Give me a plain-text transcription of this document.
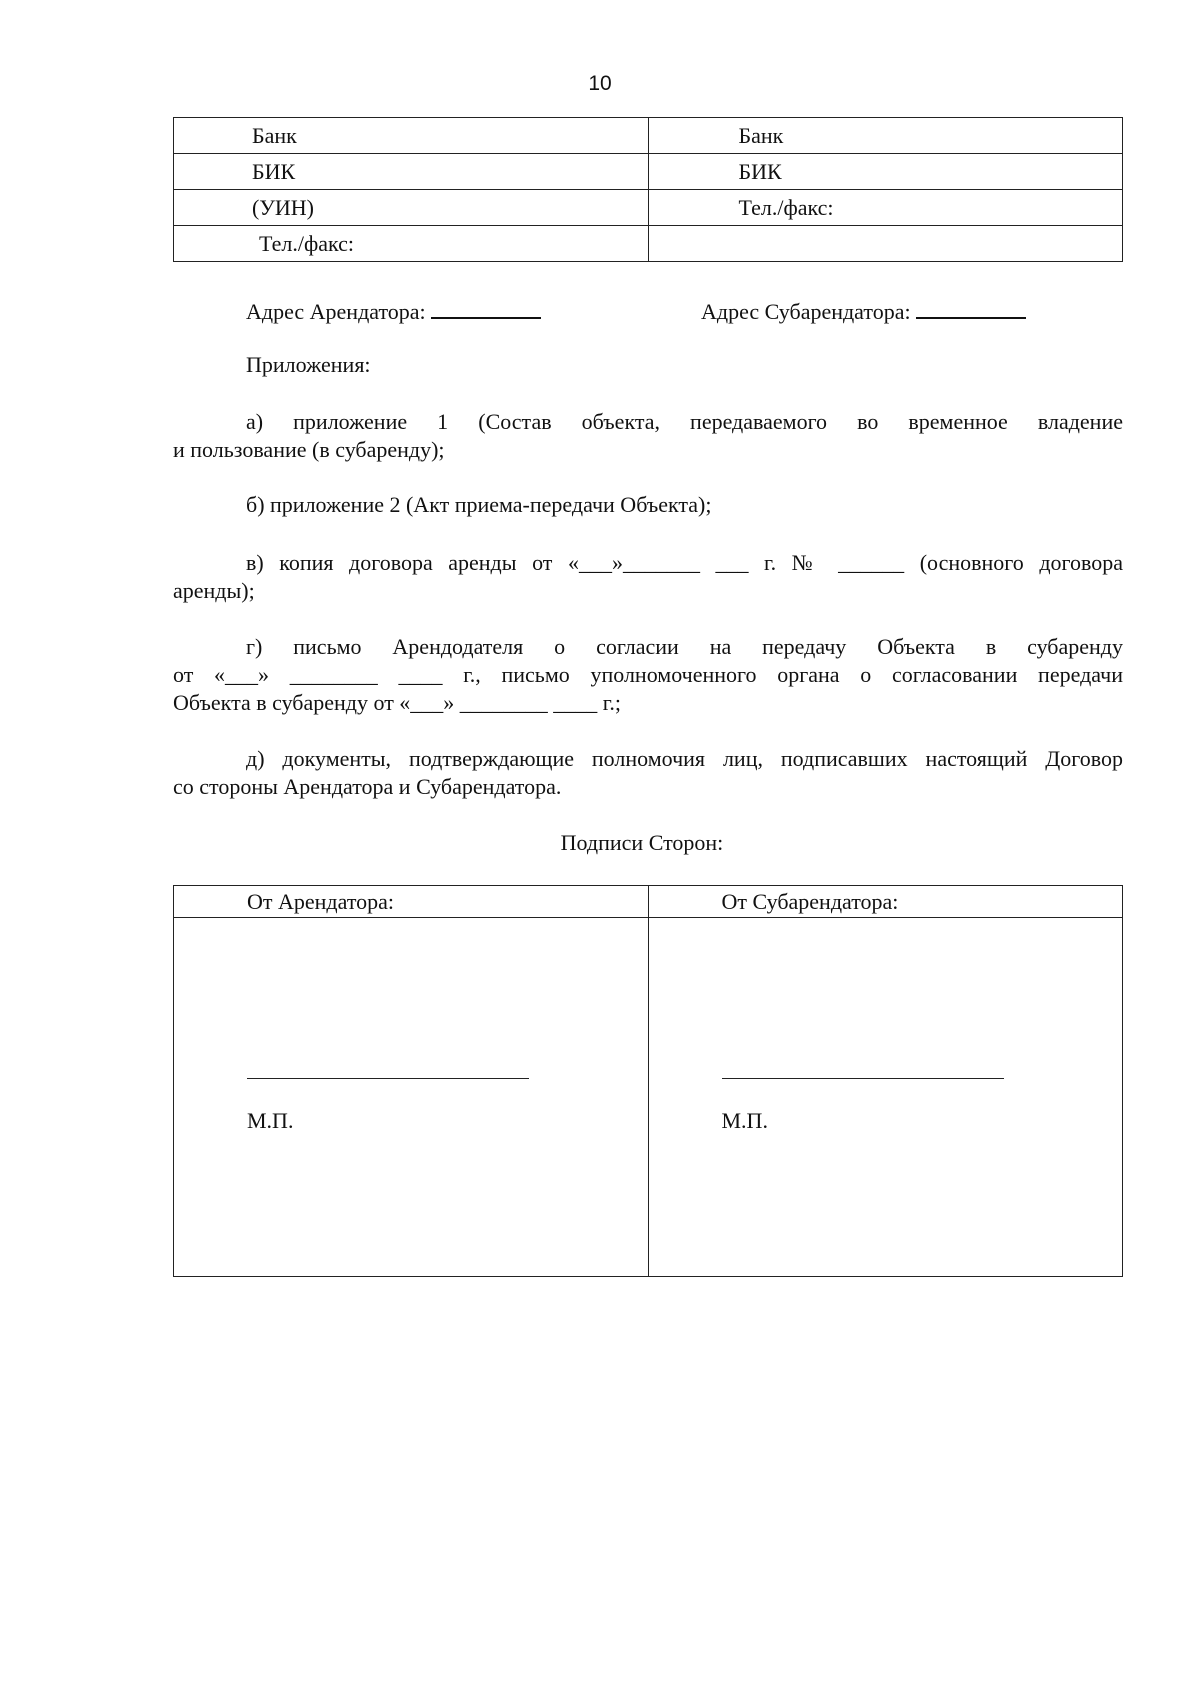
10
Банк	Банк
БИК	БИК
(УИН)	Тел./факс:
Тел./факс:	
Адрес Арендатора:	Адрес Субарендатора:
Приложения:

а) приложение 1 (Состав объекта, передаваемого во временное владение

и пользование (в субаренду);

б) приложение 2 (Акт приема-передачи Объекта);

в) копия договора аренды от «___»_______ ___ г. № ______ (основного договора

аренды);

г) письмо Арендодателя о согласии на передачу Объекта в субаренду

от «___» ________ ____ г., письмо уполномоченного органа о согласовании передачи

Объекта в субаренду от «___» ________ ____ г.;

д) документы, подтверждающие полномочия лиц, подписавших настоящий Договор

со стороны Арендатора и Субарендатора.

Подписи Сторон:
От Арендатора:	От Субарендатора:

М.П.	М.П.
